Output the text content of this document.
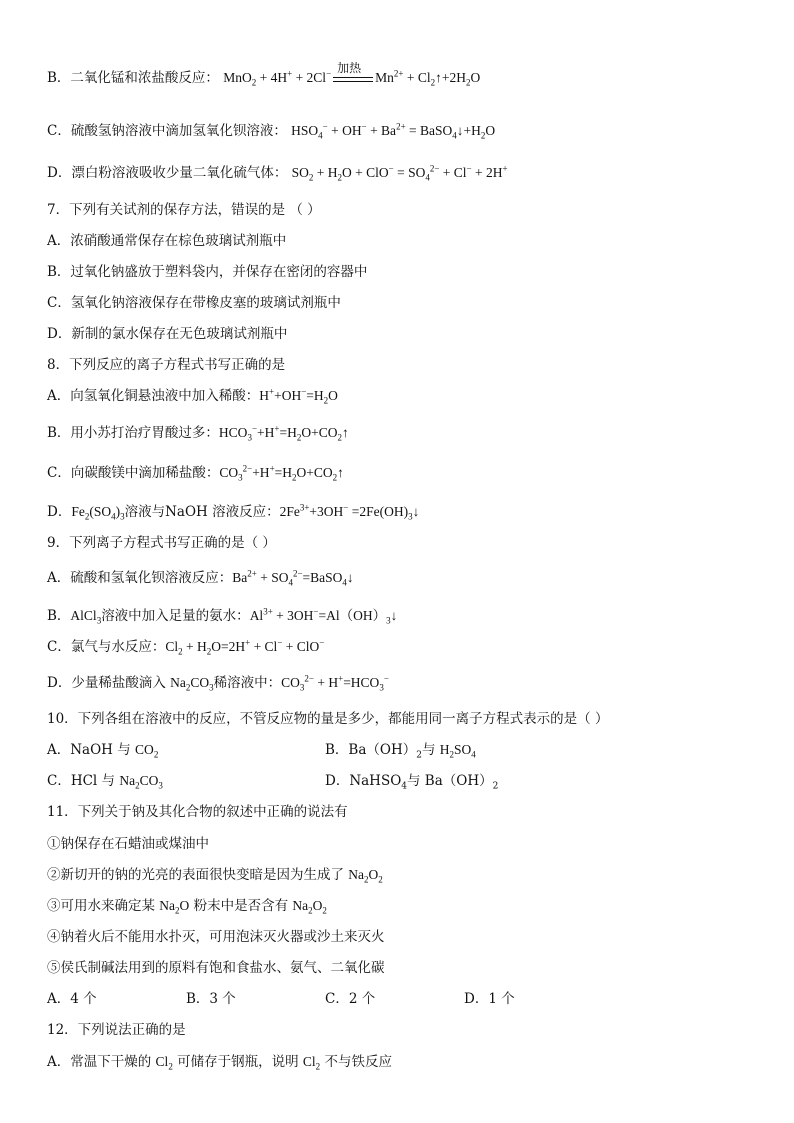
B．二氧化锰和浓盐酸反应： MnO$_2$ + 4H+ + 2Cl− 加热
$Mn^{2+}$ + $Cl_2↑+2H_2O$
C．硫酸氢钠溶液中滴加氢氧化钡溶液： $HSO_4^- + OH^- + Ba^{2+}$ = $BaSO_4↓+H_2O$
D．漂白粉溶液吸收少量二氧化硫气体： $SO_2 + H_2O + ClO^- = SO_4^{2-} + Cl^- + 2H^+$
7．下列有关试剂的保存方法，错误的是 （ ）
A．浓硝酸通常保存在棕色玻璃试剂瓶中
B．过氧化钠盛放于塑料袋内，并保存在密闭的容器中
C．氢氧化钠溶液保存在带橡皮塞的玻璃试剂瓶中
D．新制的氯水保存在无色玻璃试剂瓶中
8．下列反应的离子方程式书写正确的是
A．向氢氧化铜悬浊液中加入稀酸：$H^++OH^-=H_2O$
B．用小苏打治疗胃酸过多：$HCO_3^-+H^+=H_2O+CO_2↑$
C．向碳酸镁中滴加稀盐酸：$CO_3^{2-}+H^+=H_2O+CO_2↑$
D．$Fe_2(SO_4)_3$溶液与NaOH 溶液反应：$2Fe^{3+}+3OH^-$ $=2Fe(OH)_3↓$
9．下列离子方程式书写正确的是（ ）
A．硫酸和氢氧化钡溶液反应：$Ba^{2+}$ + $SO_4^{2-}=BaSO_4↓$
B．AlCl$_3$溶液中加入足量的氨水：$Al^{3+}$ + $3OH^-=Al(OH)_3↓$
C．氯气与水反应：$Cl_2 + H_2O=2H^+ + Cl^- + ClO^-$
D．少量稀盐酸滴入 $Na_2CO_3$稀溶液中：$CO_3^{2-} + H^+=HCO_3^-$
10．下列各组在溶液中的反应，不管反应物的量是多少，都能用同一离子方程式表示的是（ ）
A．NaOH 与 $CO_2$	B．$Ba(OH)_2$与 $H_2SO_4$
C．HCl 与 $Na_2CO_3$	D．NaHSO$_4$与 $Ba(OH)_2$
11．下列关于钠及其化合物的叙述中正确的说法有
①钠保存在石蜡油或煤油中
②新切开的钠的光亮的表面很快变暗是因为生成了 $Na_2O_2$
③可用水来确定某 $Na_2O$ 粉末中是否含有 $Na_2O_2$
④钠着火后不能用水扑灭，可用泡沫灭火器或沙土来灭火
⑤侯氏制碱法用到的原料有饱和食盐水、氨气、二氧化碳
A．4 个	B．3 个	C．2 个	D．1 个
12．下列说法正确的是
A．常温下干燥的 $Cl_2$ 可储存于钢瓶，说明 $Cl_2$ 不与铁反应
